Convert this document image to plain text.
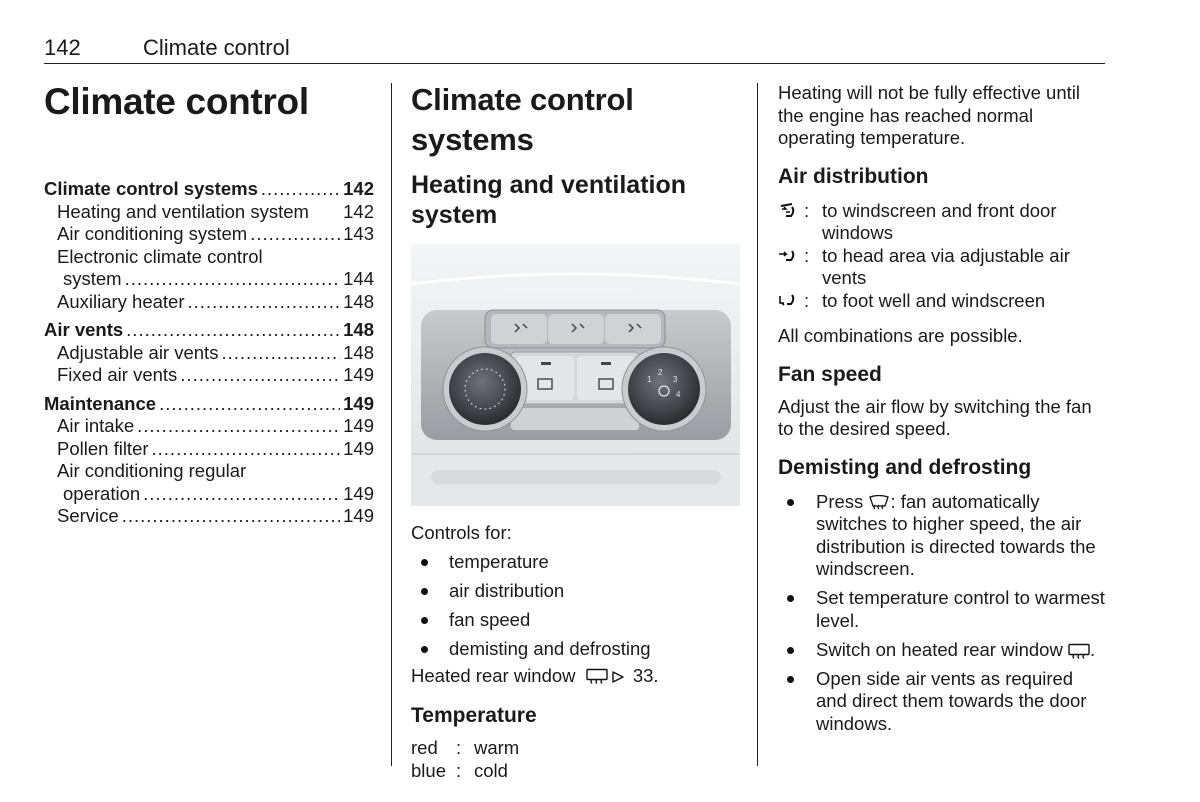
142	Climate control
Climate control
Climate control systems .....	142
Heating and ventilation system 142
Air conditioning system .....	143
Electronic climate control
system .....	144
Auxiliary heater .....	148
Air vents .....	148
Adjustable air vents .....	148
Fixed air vents .....	149
Maintenance .....	149
Air intake .....	149
Pollen filter .....	149
Air conditioning regular
operation .....	149
Service .....	149
Climate control systems
Heating and ventilation system
2
3
4
1

Controls for:

temperature
air distribution
fan speed
demisting and defrosting

Heated rear window	33.

Temperature
red : warm
blue : cold

Heating will not be fully effective until the engine has reached normal operating temperature.

Air distribution
: to windscreen and front door windows
: to head area via adjustable air vents
: to foot well and windscreen

All combinations are possible.

Fan speed

Adjust the air flow by switching the fan to the desired speed.

Demisting and defrosting
Press : fan automatically switches to higher speed, the air distribution is directed towards the windscreen.
Set temperature control to warmest level.
Switch on heated rear window .
Open side air vents as required and direct them towards the door windows.
